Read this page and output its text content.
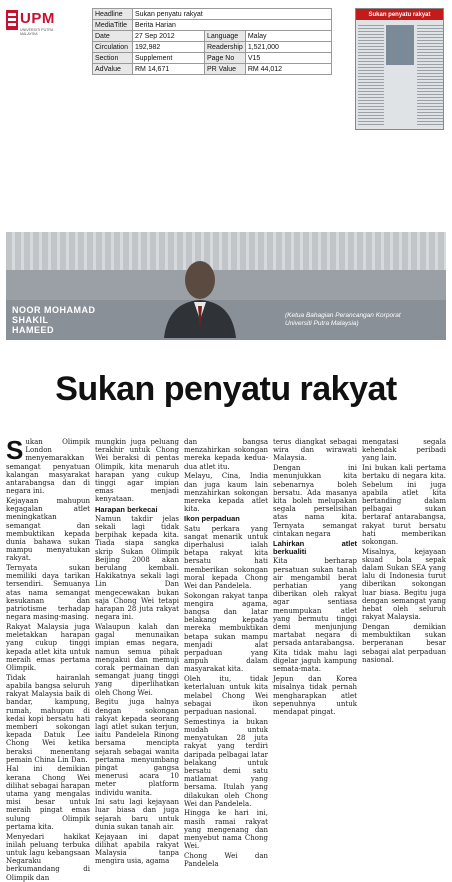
UPM
UNIVERSITI PUTRA MALAYSIA
Headline	Sukan penyatu rakyat		
MediaTitle	Berita Harian		
Date	27 Sep 2012	Language	Malay
Circulation	192,982	Readership	1,521,000
Section	Supplement	Page No	V15
AdValue	RM 14,671	PR Value	RM 44,012
Sukan penyatu rakyat
NOOR MOHAMAD
SHAKIL
HAMEED
(Ketua Bahagian Perancangan Korporat
Universiti Putra Malaysia)
Sukan penyatu rakyat
S ukan Olimpik London menyemarakkan semangat penyatuan kalangan masyarakat antarabangsa dan di negara ini.

Kejayaan mahupun kegagalan atlet meningkatkan semangat dan membuktikan kepada dunia bahawa sukan mampu menyatukan rakyat.

Ternyata sukan memiliki daya tarikan tersendiri. Semuanya atas nama semangat kesukanan dan patriotisme terhadap negara masing-masing.

Rakyat Malaysia juga meletakkan harapan yang cukup tinggi kepada atlet kita untuk meraih emas pertama Olimpik.

Tidak hairanlah apabila bangsa seluruh rakyat Malaysia baik di bandar, kampung, rumah, mahupun di kedai kopi bersatu hati memberi sokongan kepada Datuk Lee Chong Wei ketika beraksi menentang pemain China Lin Dan.

Hal ini demikian kerana Chong Wei dilihat sebagai harapan utama yang mengalas misi besar untuk meraih pingat emas sulung Olimpik pertama kita.

Menyedari hakikat inilah peluang terbuka untuk lagu kebangsaan Negaraku berkumandang di Olimpik dan

mungkin juga peluang terakhir untuk Chong Wei beraksi di pentas Olimpik, kita menaruh harapan yang cukup tinggi agar impian emas menjadi kenyataan.

Harapan berkecai

Namun takdir jelas sekali lagi tidak berpihak kepada kita. Tiada siapa sangka skrip Sukan Olimpik Beijing 2008 akan berulang kembali. Hakikatnya sekali lagi Lin Dan mengecewakan bukan saja Chong Wei tetapi harapan 28 juta rakyat negara ini.

Walaupun kalah dan gagal menunaikan impian emas negara, namun semua pihak mengakui dan memuji corak permainan dan semangat juang tinggi yang diperlihatkan oleh Chong Wei.

Begitu juga halnya dengan sokongan rakyat kepada seorang lagi atlet sukan terjun, iaitu Pandelela Rinong bersama mencipta sejarah sebagai wanita pertama menyumbang pingat gangsa menerusi acara 10 meter platform individu wanita.

Ini satu lagi kejayaan luar biasa dan juga sejarah baru untuk dunia sukan tanah air.

Kejayaan ini dapat dilihat apabila rakyat Malaysia tanpa mengira usia, agama

dan bangsa menzahirkan sokongan mereka kepada kedua-dua atlet itu.

Melayu, Cina, India dan juga kaum lain menzahirkan sokongan mereka kepada atlet kita.

Ikon perpaduan

Satu perkara yang sangat menarik untuk diperhalusi ialah betapa rakyat kita bersatu hati memberikan sokongan moral kepada Chong Wei dan Pandelela.

Sokongan rakyat tanpa mengira agama, bangsa dan latar belakang kepada mereka membuktikan betapa sukan mampu menjadi alat perpaduan yang ampuh dalam masyarakat kita.

Oleh itu, tidak keterlaluan untuk kita melabel Chong Wei sebagai ikon perpaduan nasional.

Semestinya ia bukan mudah untuk menyatukan 28 juta rakyat yang terdiri daripada pelbagai latar belakang untuk bersatu demi satu matlamat yang bersama. Itulah yang dilakukan oleh Chong Wei dan Pandelela.

Hingga ke hari ini, masih ramai rakyat yang mengenang dan menyebut nama Chong Wei.

Chong Wei dan Pandelela

terus diangkat sebagai wira dan wirawati Malaysia.

Dengan ini menunjukkan kita sebenarnya boleh bersatu. Ada masanya kita boleh melupakan segala perselisihan atas nama kita. Ternyata semangat cintakan negara

Lahirkan atlet berkualiti

Kita berharap persatuan sukan tanah air mengambil berat perhatian yang diberikan oleh rakyat agar sentiasa menumpukan atlet yang bermutu tinggi demi menjunjung martabat negara di persada antarabangsa.

Kita tidak mahu lagi digelar jaguh kampung semata-mata.

Jepun dan Korea misalnya tidak pernah mengharapkan atlet sepenuhnya untuk mendapat pingat.

mengatasi segala kehendak peribadi yang lain.

Ini bukan kali pertama bertaku di negara kita. Sebelum ini juga apabila atlet kita bertanding dalam pelbagai sukan bertaraf antarabangsa, rakyat turut bersatu hati memberikan sokongan.

Misalnya, kejayaan skuad bola sepak dalam Sukan SEA yang lalu di Indonesia turut diberikan sokongan luar biasa. Begitu juga dengan semangat yang hebat oleh seluruh rakyat Malaysia.

Dengan demikian membuktikan sukan berperanan besar sebagai alat perpaduan nasional.
